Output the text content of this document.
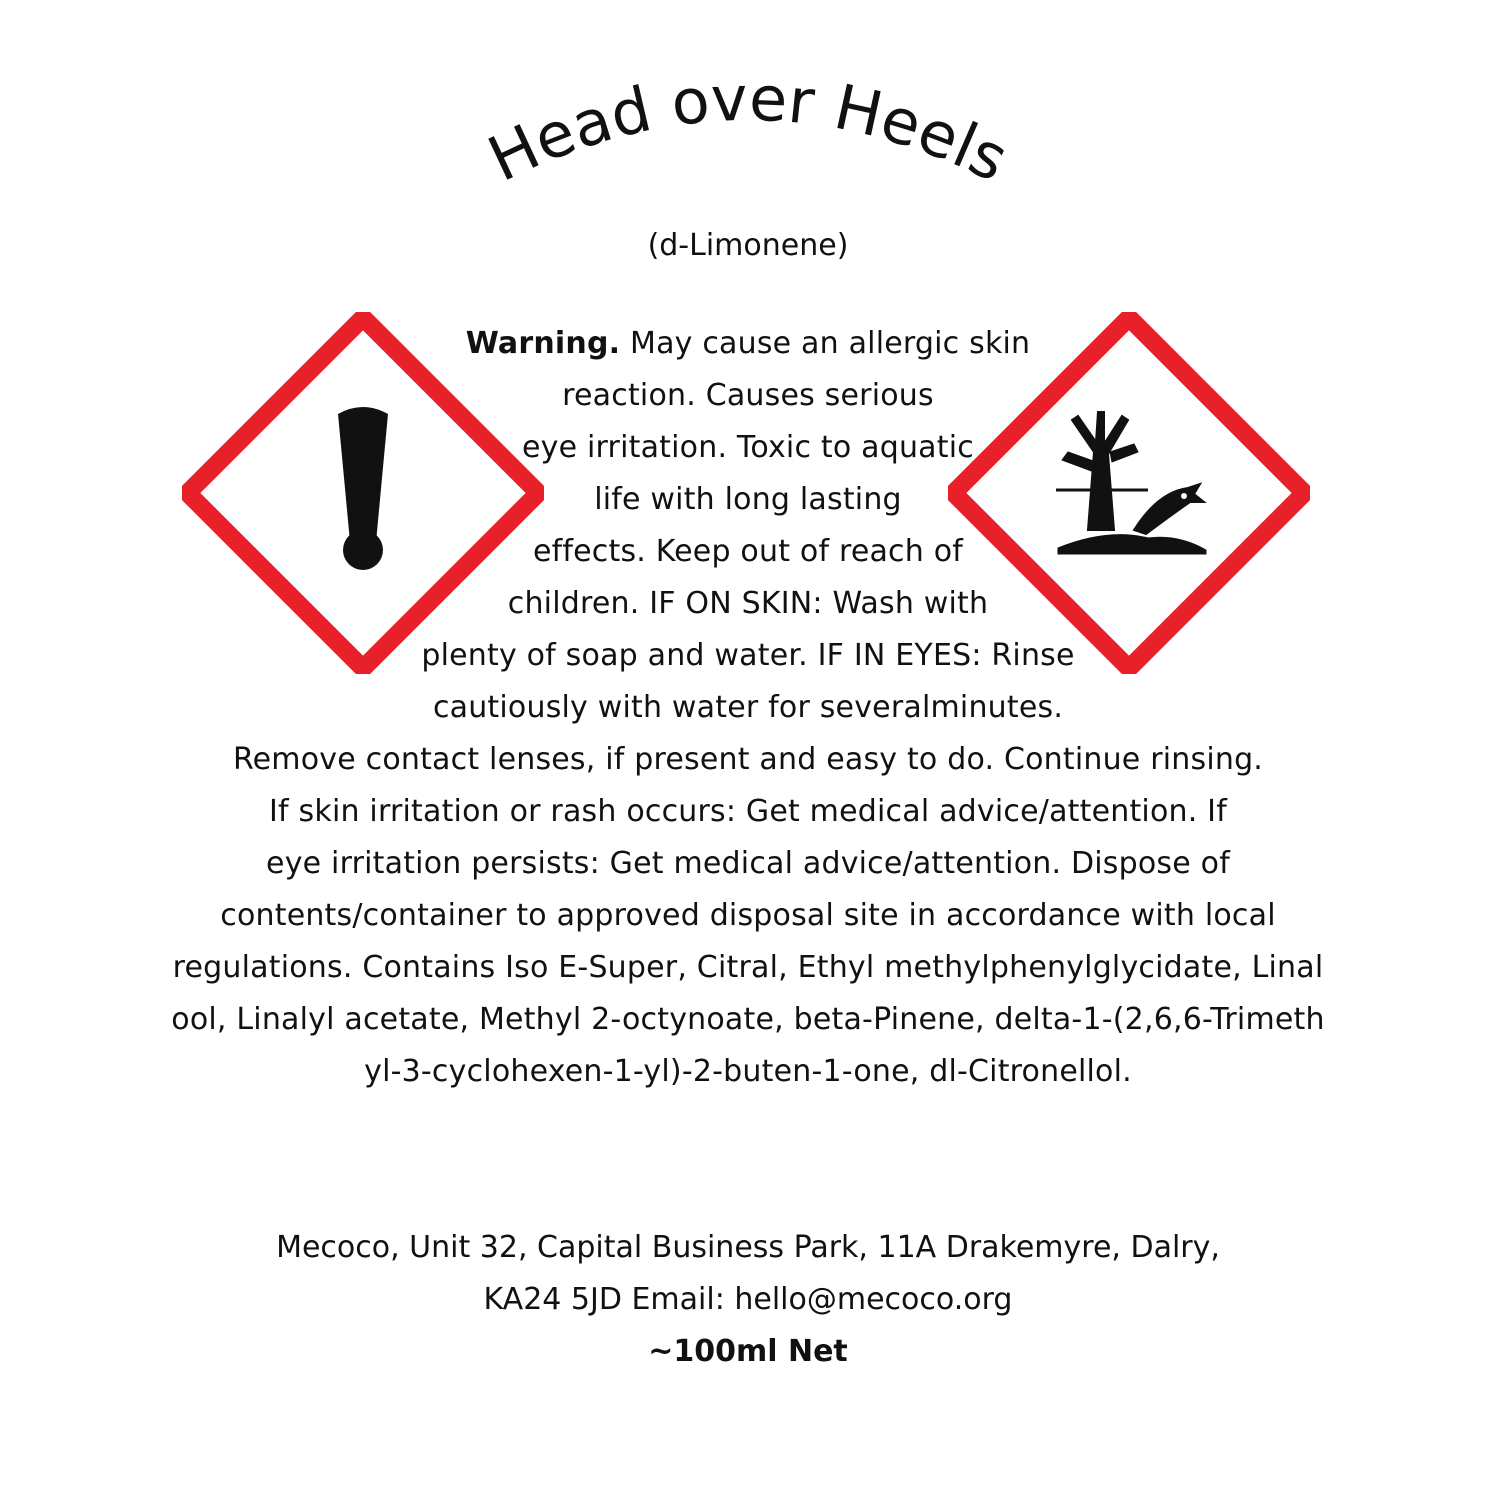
Head over Heels
(d-Limonene)
Warning. May cause an allergic skin
reaction. Causes serious
eye irritation. Toxic to aquatic
life with long lasting
effects. Keep out of reach of
children. IF ON SKIN: Wash with
plenty of soap and water. IF IN EYES: Rinse
cautiously with water for severalminutes.
Remove contact lenses, if present and easy to do. Continue rinsing.
If skin irritation or rash occurs: Get medical advice/attention. If
eye irritation persists: Get medical advice/attention. Dispose of
contents/container to approved disposal site in accordance with local
regulations. Contains Iso E-Super, Citral, Ethyl methylphenylglycidate, Linal
ool, Linalyl acetate, Methyl 2-octynoate, beta-Pinene, delta-1-(2,6,6-Trimeth
yl-3-cyclohexen-1-yl)-2-buten-1-one, dl-Citronellol.
Mecoco, Unit 32, Capital Business Park, 11A Drakemyre, Dalry,
KA24 5JD Email: hello@mecoco.org
~100ml Net
